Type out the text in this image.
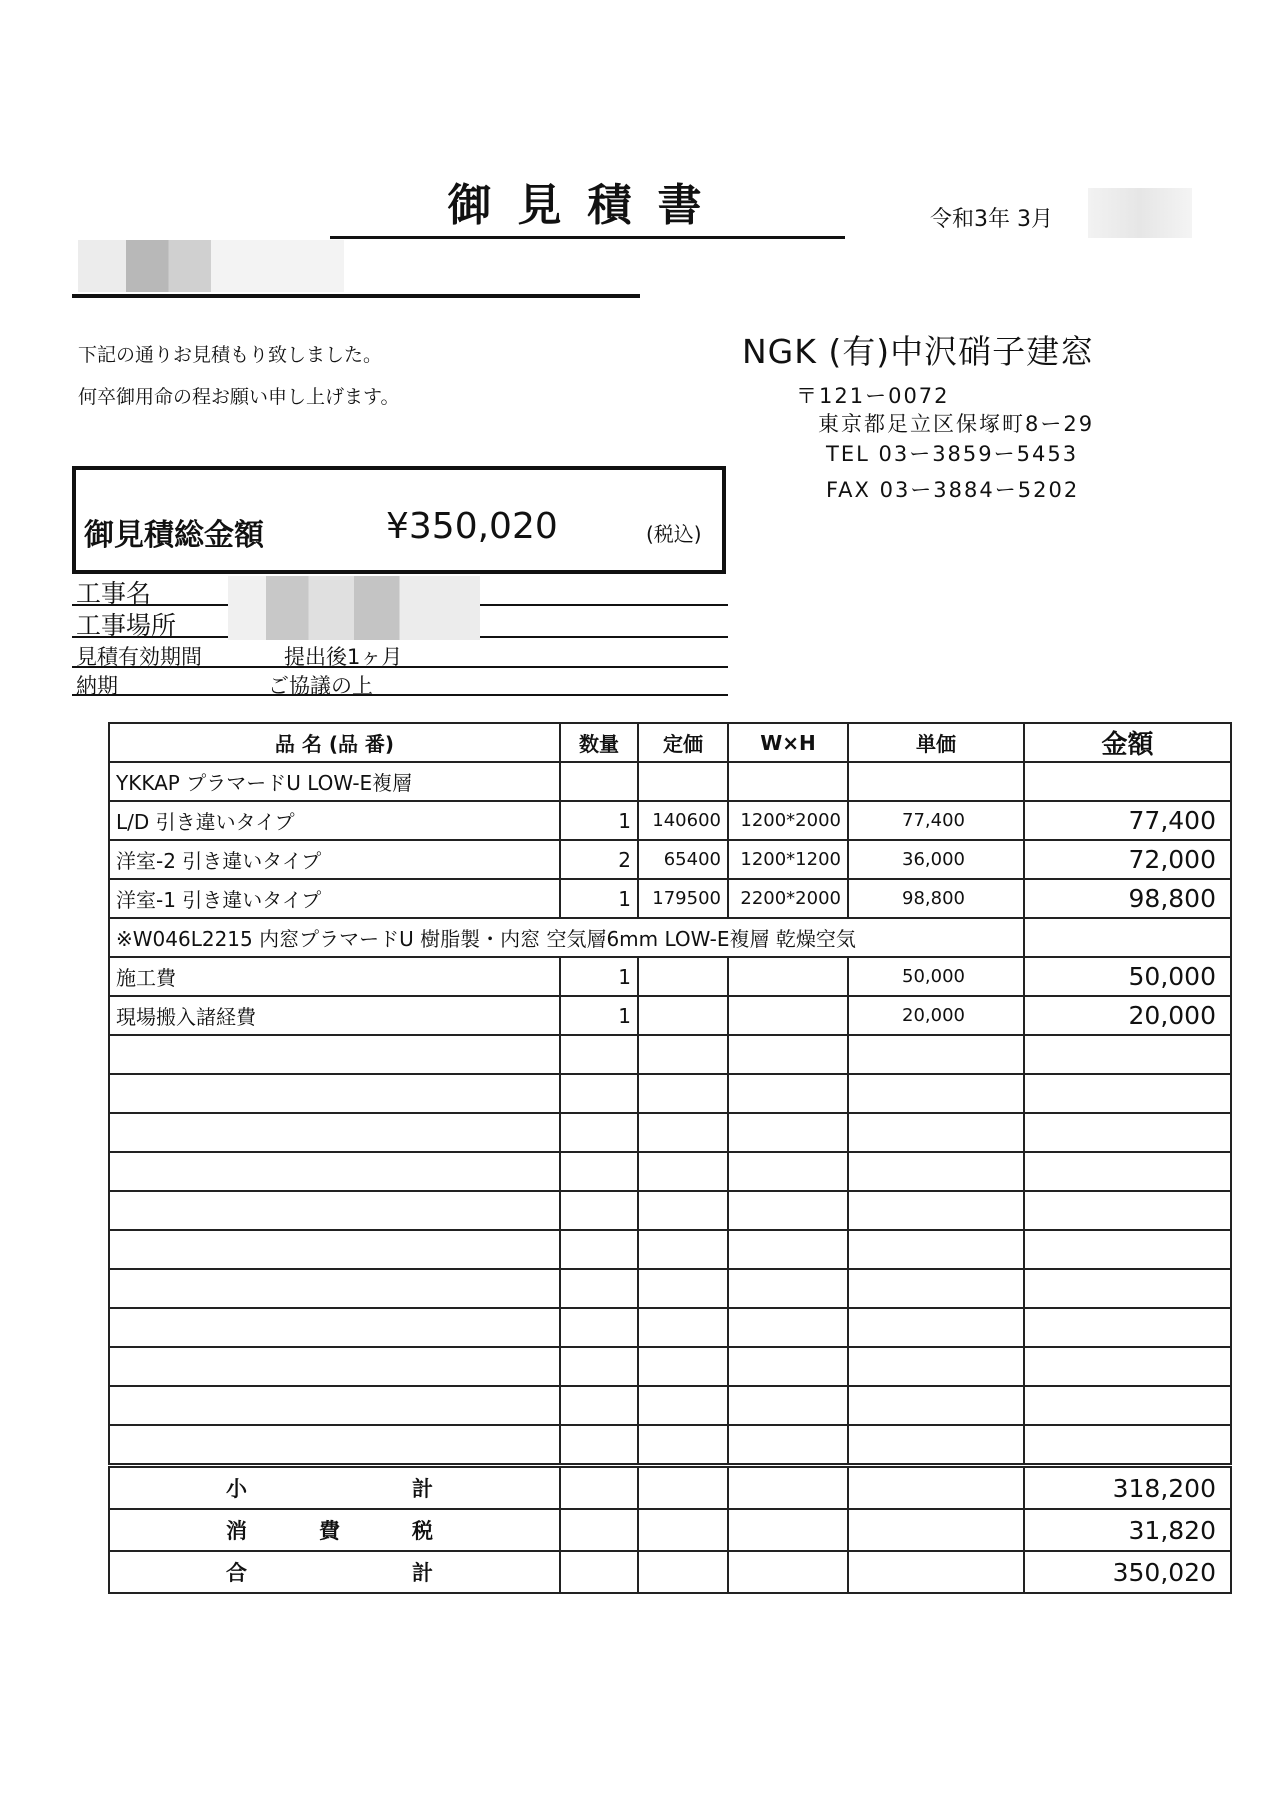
御見積書	令和3年 3月
下記の通りお見積もり致しました。
何卒御用命の程お願い申し上げます。
NGK (有)中沢硝子建窓
〒121ー0072
東京都足立区保塚町8ー29
TEL 03ー3859ー5453
FAX 03ー3884ー5202
御見積総金額	¥350,020	(税込)
工事名
工事場所
見積有効期間	提出後1ヶ月
納期	ご協議の上
品 名 (品 番)	数量	定価	W×H	単価	金額
YKKAP プラマードU LOW-E複層					
L/D 引き違いタイプ	1	140600	1200*2000	77,400	77,400
洋室-2 引き違いタイプ	2	65400	1200*1200	36,000	72,000
洋室-1 引き違いタイプ	1	179500	2200*2000	98,800	98,800
※W046L2215 内窓プラマードU 樹脂製・内窓 空気層6mm LOW-E複層 乾燥空気					
施工費	1			50,000	50,000
現場搬入諸経費	1			20,000	20,000

小 計					318,200

消 費 税					31,820

合 計					350,020
